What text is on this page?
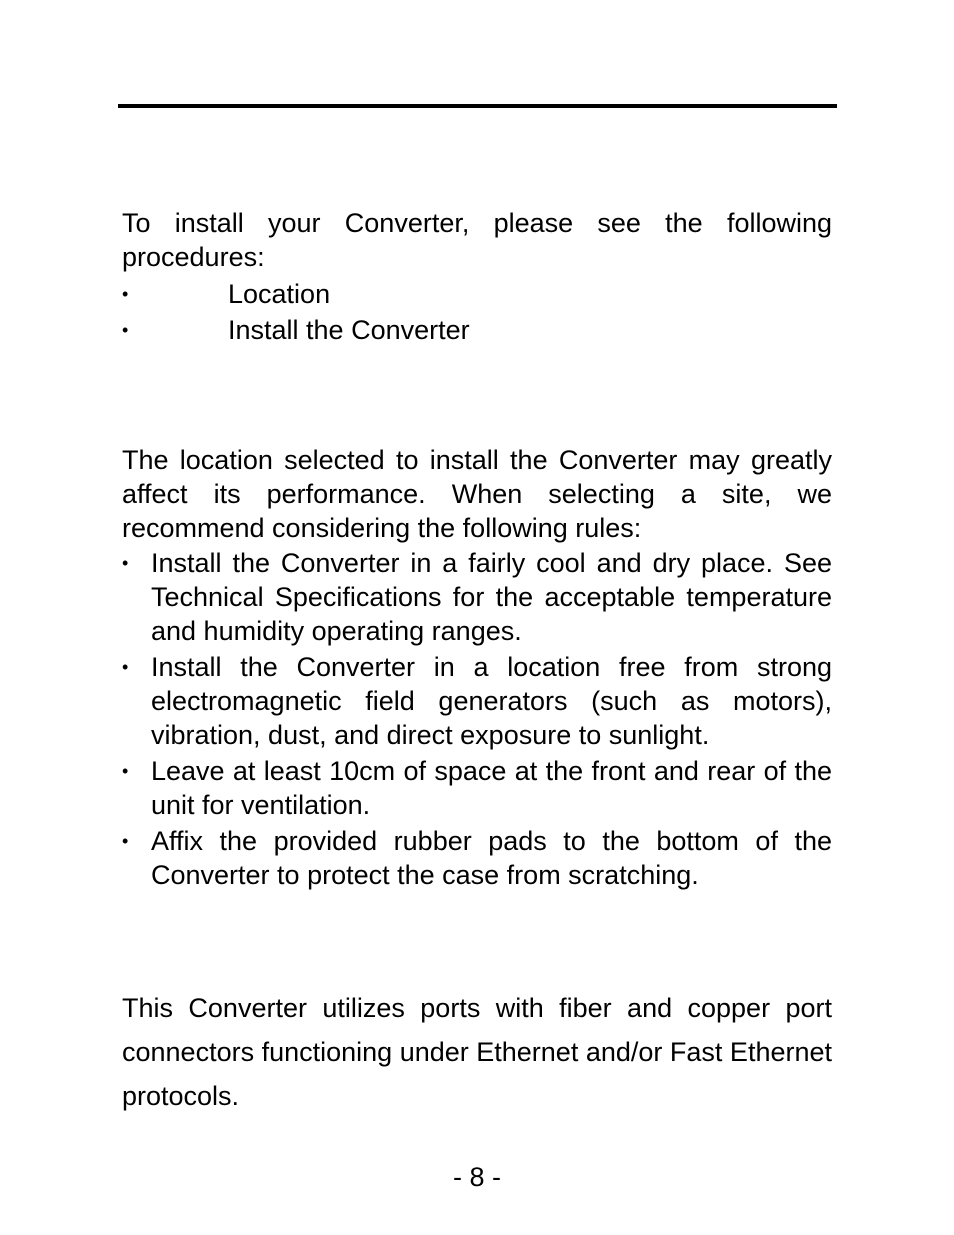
To install your Converter, please see the following procedures:

•	Location
•	Install the Converter

The location selected to install the Converter may greatly affect its performance. When selecting a site, we recommend considering the following rules:

• Install the Converter in a fairly cool and dry place. See Technical Specifications for the acceptable temperature and humidity operating ranges.
• Install the Converter in a location free from strong electromagnetic field generators (such as motors), vibration, dust, and direct exposure to sunlight.
• Leave at least 10cm of space at the front and rear of the unit for ventilation.
• Affix the provided rubber pads to the bottom of the Converter to protect the case from scratching.

This Converter utilizes ports with fiber and copper port connectors functioning under Ethernet and/or Fast Ethernet protocols.

- 8 -
